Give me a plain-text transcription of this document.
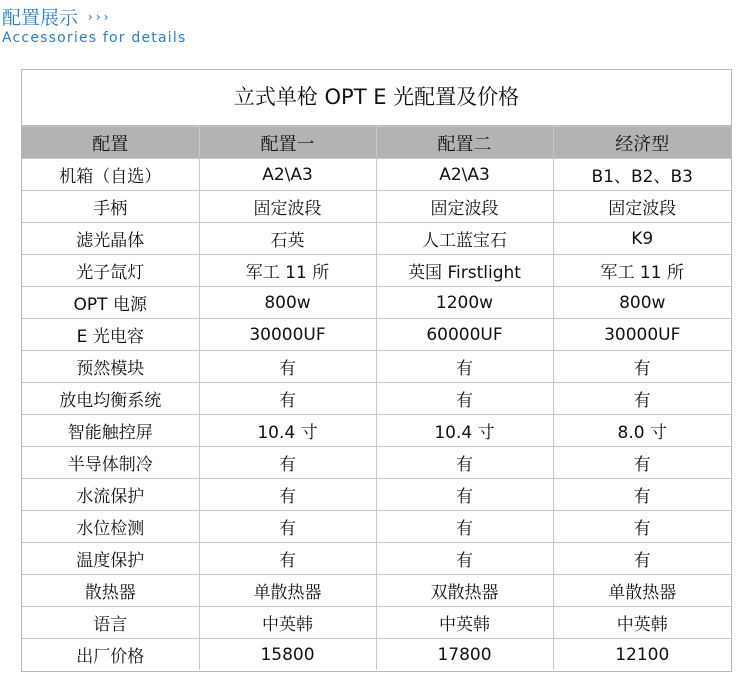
配置展示 ›››
Accessories for details
立式单枪 OPT E 光配置及价格
配置	配置一	配置二	经济型
机箱（自选）	A2\A3	A2\A3	B1、B2、B3
手柄	固定波段	固定波段	固定波段
滤光晶体	石英	人工蓝宝石	K9
光子氙灯	军工 11 所	英国 Firstlight	军工 11 所
OPT 电源	800w	1200w	800w
E 光电容	30000UF	60000UF	30000UF
预然模块	有	有	有
放电均衡系统	有	有	有
智能触控屏	10.4 寸	10.4 寸	8.0 寸
半导体制冷	有	有	有
水流保护	有	有	有
水位检测	有	有	有
温度保护	有	有	有
散热器	单散热器	双散热器	单散热器
语言	中英韩	中英韩	中英韩
出厂价格	15800	17800	12100
